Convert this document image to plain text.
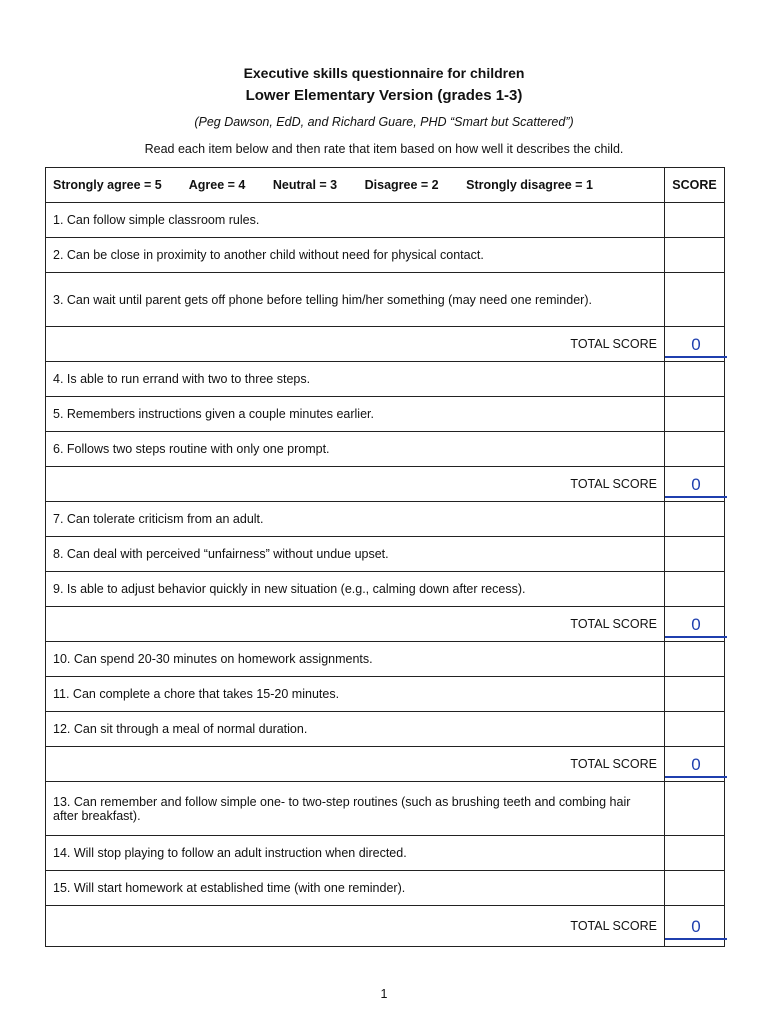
Executive skills questionnaire for children
Lower Elementary Version (grades 1-3)
(Peg Dawson, EdD, and Richard Guare, PHD “Smart but Scattered”)
Read each item below and then rate that item based on how well it describes the child.
Strongly agree = 5 Agree = 4 Neutral = 3 Disagree = 2 Strongly disagree = 1	SCORE
1. Can follow simple classroom rules.	
2. Can be close in proximity to another child without need for physical contact.	
3. Can wait until parent gets off phone before telling him/her something (may need one reminder).	
TOTAL SCORE	0
4. Is able to run errand with two to three steps.	
5. Remembers instructions given a couple minutes earlier.	
6. Follows two steps routine with only one prompt.	
TOTAL SCORE	0
7. Can tolerate criticism from an adult.	
8. Can deal with perceived “unfairness” without undue upset.	
9. Is able to adjust behavior quickly in new situation (e.g., calming down after recess).	
TOTAL SCORE	0
10. Can spend 20-30 minutes on homework assignments.	
11. Can complete a chore that takes 15-20 minutes.	
12. Can sit through a meal of normal duration.	
TOTAL SCORE	0
13. Can remember and follow simple one- to two-step routines (such as brushing teeth and combing hair after breakfast).	
14. Will stop playing to follow an adult instruction when directed.	
15. Will start homework at established time (with one reminder).	
TOTAL SCORE	0
1
